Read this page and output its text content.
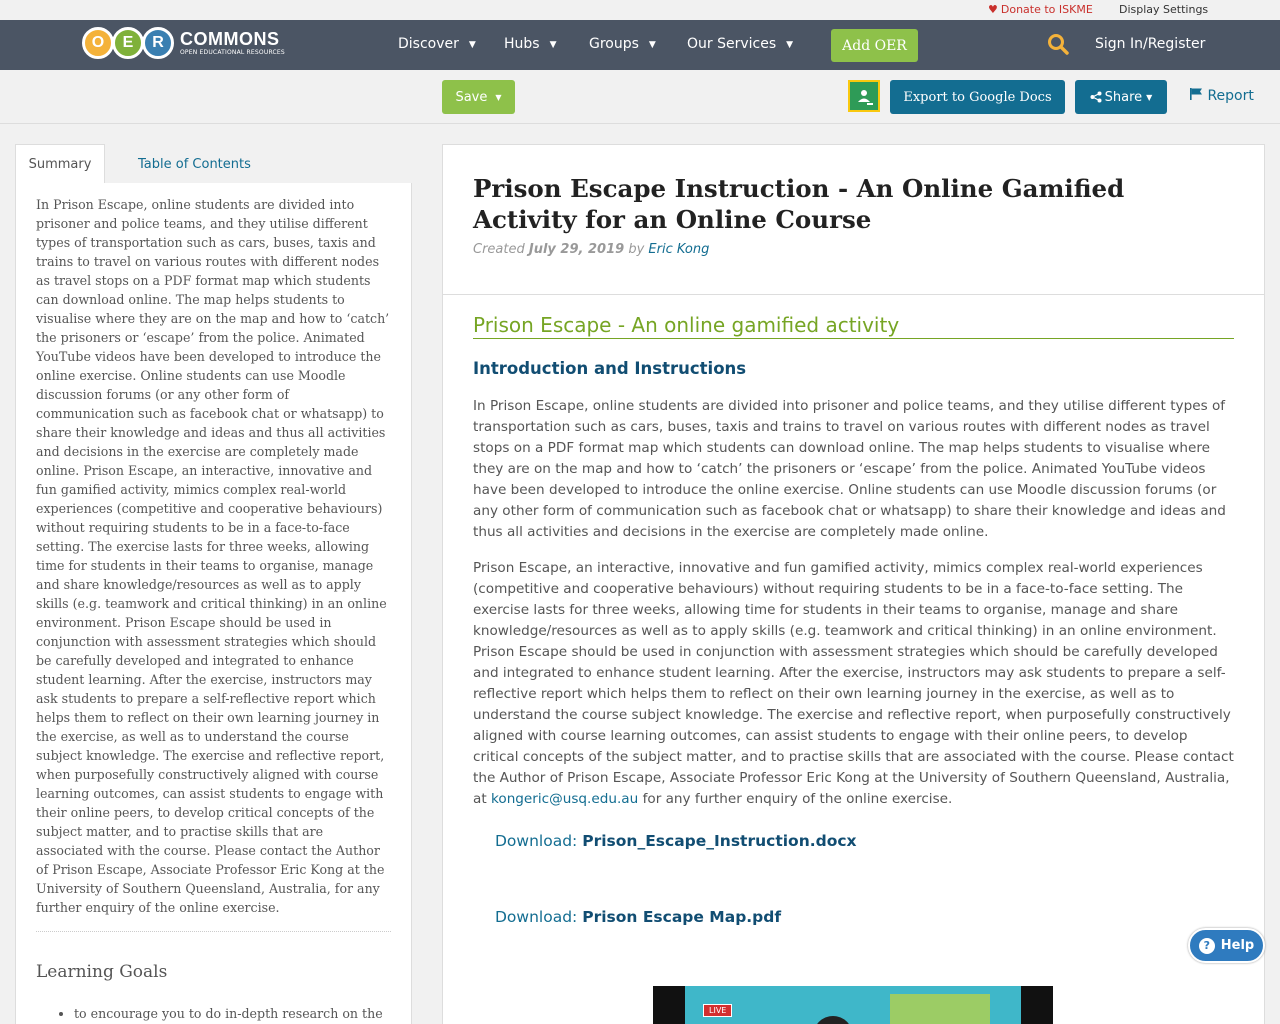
♥ Donate to ISKME Display Settings
O	E	R COMMONS
OPEN EDUCATIONAL RESOURCES
Discover ▼ Hubs ▼ Groups ▼ Our Services ▼	Add OER	Sign In/Register
Save ▼	Export to Google Docs	Share ▼	Report
Summary	Table of Contents
In Prison Escape, online students are divided into prisoner and police teams, and they utilise different types of transportation such as cars, buses, taxis and trains to travel on various routes with different nodes as travel stops on a PDF format map which students can download online. The map helps students to visualise where they are on the map and how to ‘catch’ the prisoners or ‘escape’ from the police. Animated YouTube videos have been developed to introduce the online exercise. Online students can use Moodle discussion forums (or any other form of communication such as facebook chat or whatsapp) to share their knowledge and ideas and thus all activities and decisions in the exercise are completely made online. Prison Escape, an interactive, innovative and fun gamified activity, mimics complex real-world experiences (competitive and cooperative behaviours) without requiring students to be in a face-to-face setting. The exercise lasts for three weeks, allowing time for students in their teams to organise, manage and share knowledge/resources as well as to apply skills (e.g. teamwork and critical thinking) in an online environment. Prison Escape should be used in conjunction with assessment strategies which should be carefully developed and integrated to enhance student learning. After the exercise, instructors may ask students to prepare a self-reflective report which helps them to reflect on their own learning journey in the exercise, as well as to understand the course subject knowledge. The exercise and reflective report, when purposefully constructively aligned with course learning outcomes, can assist students to engage with their online peers, to develop critical concepts of the subject matter, and to practise skills that are associated with the course. Please contact the Author of Prison Escape, Associate Professor Eric Kong at the University of Southern Queensland, Australia, for any further enquiry of the online exercise.
Learning Goals
• to encourage you to do in-depth research on the
Prison Escape Instruction - An Online Gamified Activity for an Online Course
Created July 29, 2019 by Eric Kong
Prison Escape - An online gamified activity
Introduction and Instructions

In Prison Escape, online students are divided into prisoner and police teams, and they utilise different types of transportation such as cars, buses, taxis and trains to travel on various routes with different nodes as travel stops on a PDF format map which students can download online. The map helps students to visualise where they are on the map and how to ‘catch’ the prisoners or ‘escape’ from the police. Animated YouTube videos have been developed to introduce the online exercise. Online students can use Moodle discussion forums (or any other form of communication such as facebook chat or whatsapp) to share their knowledge and ideas and thus all activities and decisions in the exercise are completely made online.

Prison Escape, an interactive, innovative and fun gamified activity, mimics complex real-world experiences (competitive and cooperative behaviours) without requiring students to be in a face-to-face setting. The exercise lasts for three weeks, allowing time for students in their teams to organise, manage and share knowledge/resources as well as to apply skills (e.g. teamwork and critical thinking) in an online environment. Prison Escape should be used in conjunction with assessment strategies which should be carefully developed and integrated to enhance student learning. After the exercise, instructors may ask students to prepare a self-reflective report which helps them to reflect on their own learning journey in the exercise, as well as to understand the course subject knowledge. The exercise and reflective report, when purposefully constructively aligned with course learning outcomes, can assist students to engage with their online peers, to develop critical concepts of the subject matter, and to practise skills that are associated with the course. Please contact the Author of Prison Escape, Associate Professor Eric Kong at the University of Southern Queensland, Australia, at kongeric@usq.edu.au for any further enquiry of the online exercise.

Download: Prison_Escape_Instruction.docx
Download: Prison Escape Map.pdf
LIVE
? Help
